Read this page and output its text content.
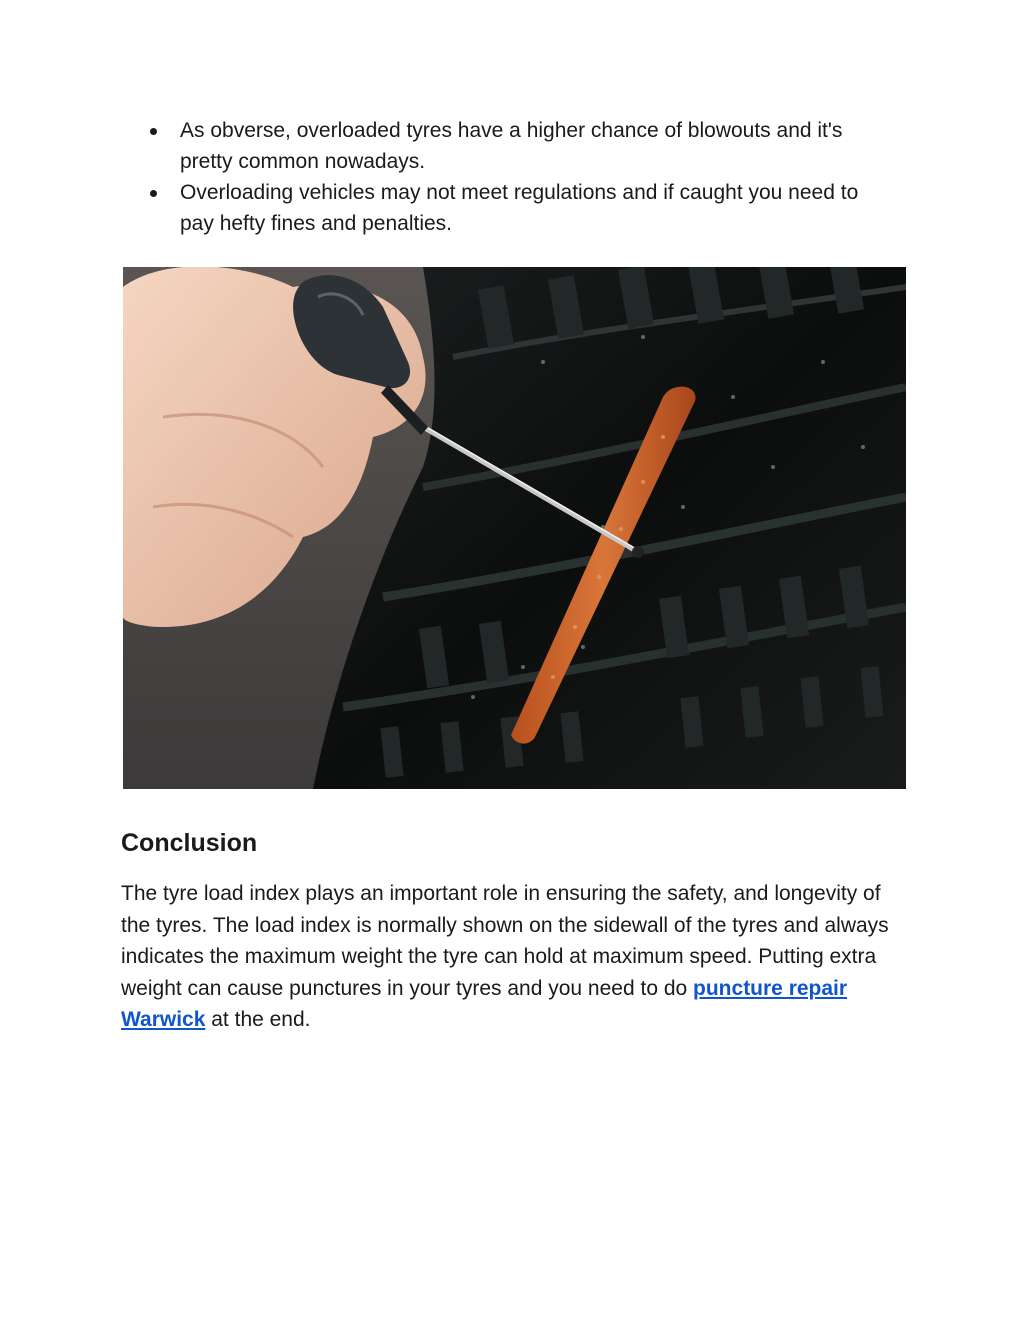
As obverse, overloaded tyres have a higher chance of blowouts and it's pretty common nowadays.
Overloading vehicles may not meet regulations and if caught you need to pay hefty fines and penalties.
Conclusion

The tyre load index plays an important role in ensuring the safety, and longevity of the tyres. The load index is normally shown on the sidewall of the tyres and always indicates the maximum weight the tyre can hold at maximum speed. Putting extra weight can cause punctures in your tyres and you need to do puncture repair Warwick at the end.
